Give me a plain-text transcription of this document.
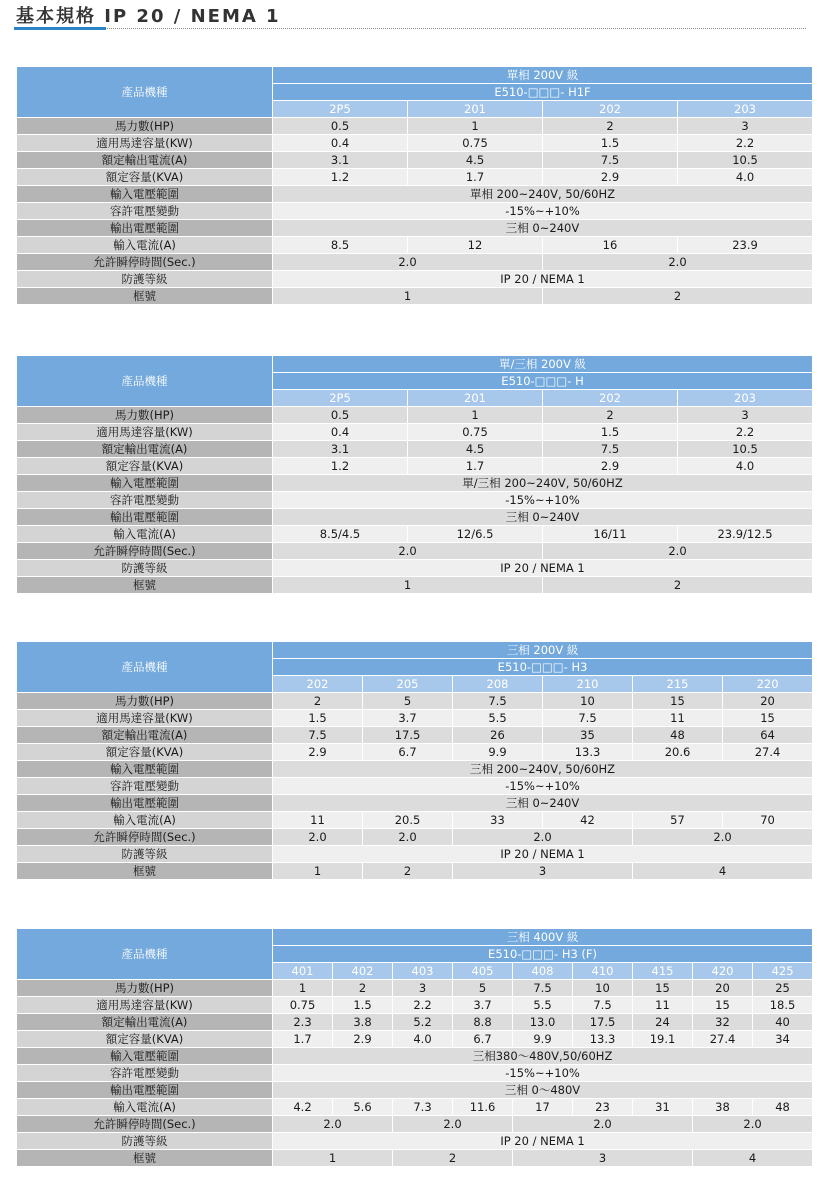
基本規格 IP 20 / NEMA 1
產品機種	單相 200V 級			
	E510-□□□- H1F			
	2P5	201	202	203
馬力數(HP)	0.5	1	2	3
適用馬達容量(KW)	0.4	0.75	1.5	2.2
額定輸出電流(A)	3.1	4.5	7.5	10.5
額定容量(KVA)	1.2	1.7	2.9	4.0
輸入電壓範圍	單相 200~240V, 50/60HZ			
容許電壓變動	-15%~+10%			
輸出電壓範圍	三相 0~240V			
輸入電流(A)	8.5	12	16	23.9
允許瞬停時間(Sec.)	2.0		2.0	
防護等級	IP 20 / NEMA 1			
框號	1		2	
產品機種	單/三相 200V 級			
	E510-□□□- H			
	2P5	201	202	203
馬力數(HP)	0.5	1	2	3
適用馬達容量(KW)	0.4	0.75	1.5	2.2
額定輸出電流(A)	3.1	4.5	7.5	10.5
額定容量(KVA)	1.2	1.7	2.9	4.0
輸入電壓範圍	單/三相 200~240V, 50/60HZ			
容許電壓變動	-15%~+10%			
輸出電壓範圍	三相 0~240V			
輸入電流(A)	8.5/4.5	12/6.5	16/11	23.9/12.5
允許瞬停時間(Sec.)	2.0		2.0	
防護等級	IP 20 / NEMA 1			
框號	1		2	
產品機種	三相 200V 級					
	E510-□□□- H3					
	202	205	208	210	215	220
馬力數(HP)	2	5	7.5	10	15	20
適用馬達容量(KW)	1.5	3.7	5.5	7.5	11	15
額定輸出電流(A)	7.5	17.5	26	35	48	64
額定容量(KVA)	2.9	6.7	9.9	13.3	20.6	27.4
輸入電壓範圍	三相 200~240V, 50/60HZ					
容許電壓變動	-15%~+10%					
輸出電壓範圍	三相 0~240V					
輸入電流(A)	11	20.5	33	42	57	70
允許瞬停時間(Sec.)	2.0	2.0	2.0		2.0	
防護等級	IP 20 / NEMA 1					
框號	1	2	3		4	
產品機種	三相 400V 級								
	E510-□□□- H3 (F)								
	401	402	403	405	408	410	415	420	425
馬力數(HP)	1	2	3	5	7.5	10	15	20	25
適用馬達容量(KW)	0.75	1.5	2.2	3.7	5.5	7.5	11	15	18.5
額定輸出電流(A)	2.3	3.8	5.2	8.8	13.0	17.5	24	32	40
額定容量(KVA)	1.7	2.9	4.0	6.7	9.9	13.3	19.1	27.4	34
輸入電壓範圍	三相380～480V,50/60HZ								
容許電壓變動	-15%~+10%								
輸出電壓範圍	三相 0～480V								
輸入電流(A)	4.2	5.6	7.3	11.6	17	23	31	38	48
允許瞬停時間(Sec.)	2.0		2.0		2.0			2.0	
防護等級	IP 20 / NEMA 1								
框號	1		2		3			4	
